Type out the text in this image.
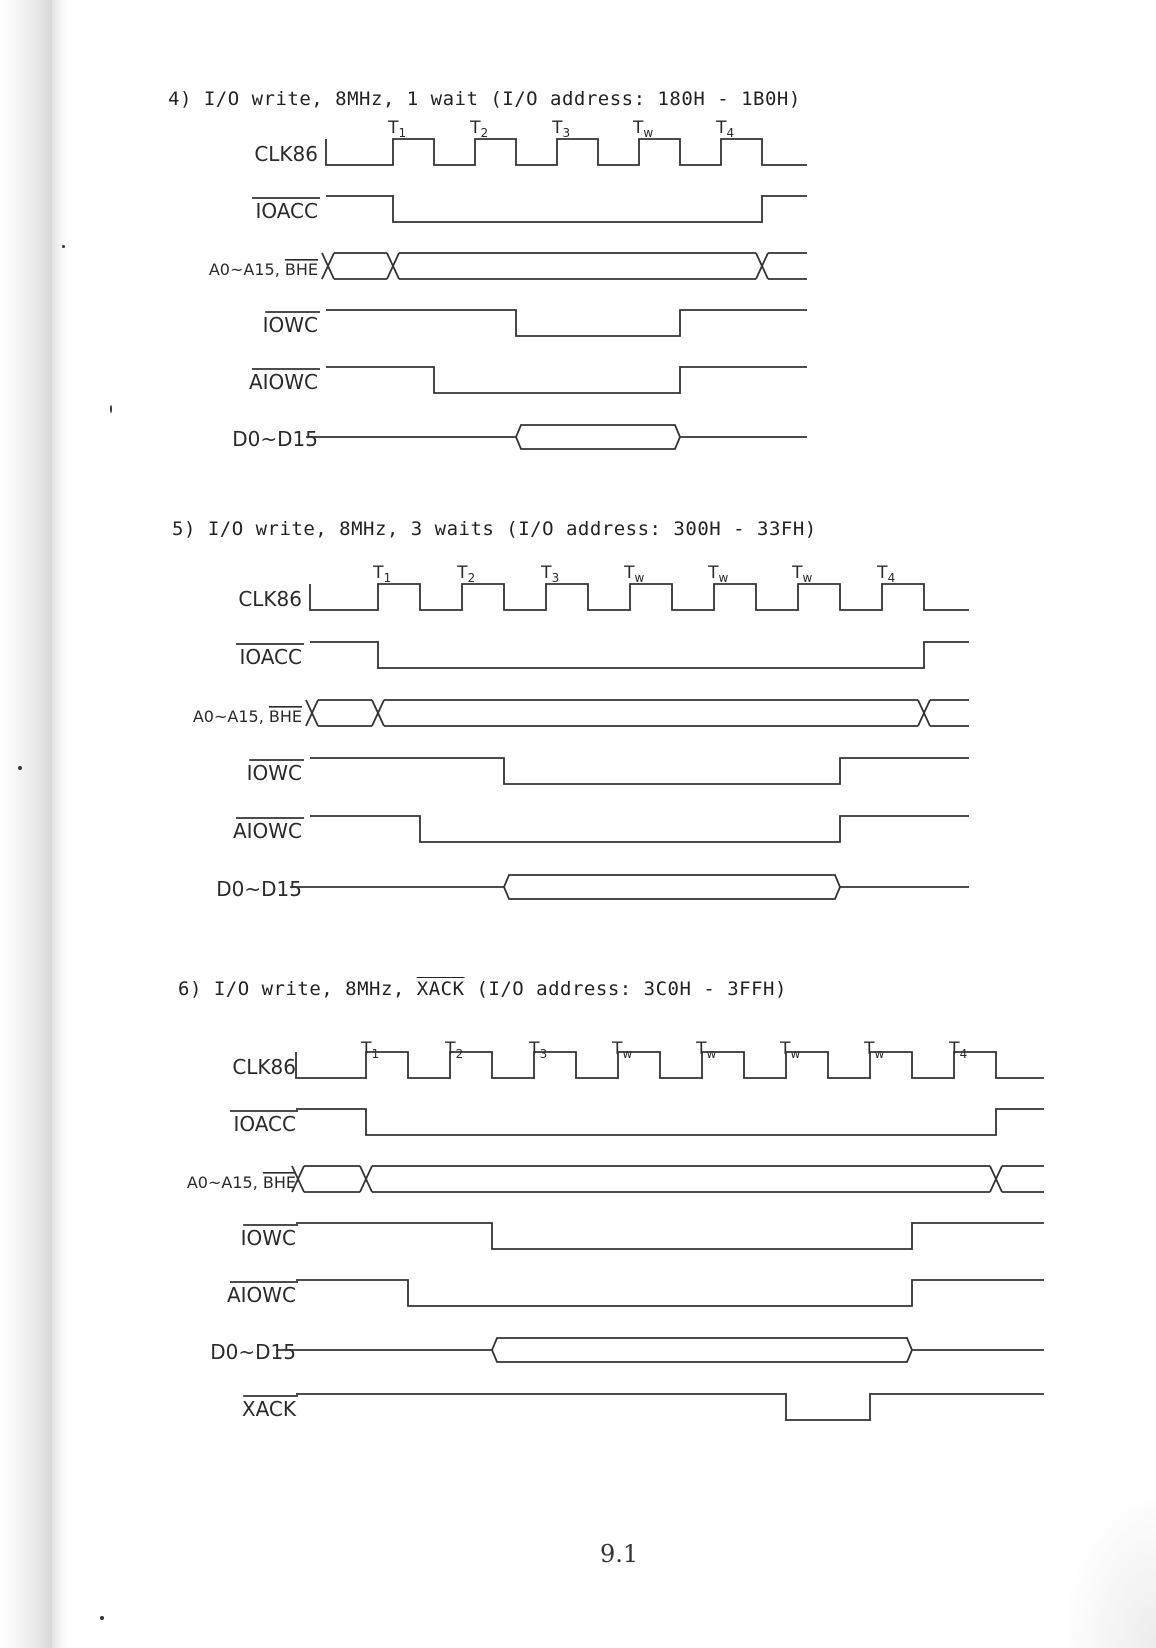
4) I/O write, 8MHz, 1 wait (I/O address: 180H - 1B0H)
$T_1$	$T_2$	$T_3$	$T_w$	$T_4$
CLK86
IOACC
A0~A15, BHE
IOWC
AIOWC
D0~D15
5) I/O write, 8MHz, 3 waits (I/O address: 300H - 33FH)
$T_1$	$T_2$	$T_3$	$T_w$	$T_w$	$T_w$	$T_4$
CLK86
IOACC
A0~A15, BHE
IOWC
AIOWC
D0~D15
6) I/O write, 8MHz, XACK (I/O address: 3C0H - 3FFH)
$T_1$	$T_2$	$T_3$	$T_w$	$T_w$	$T_w$	$T_w$	$T_4$
CLK86
IOACC
A0~A15, BHE
IOWC
AIOWC
D0~D15
XACK
9.1
